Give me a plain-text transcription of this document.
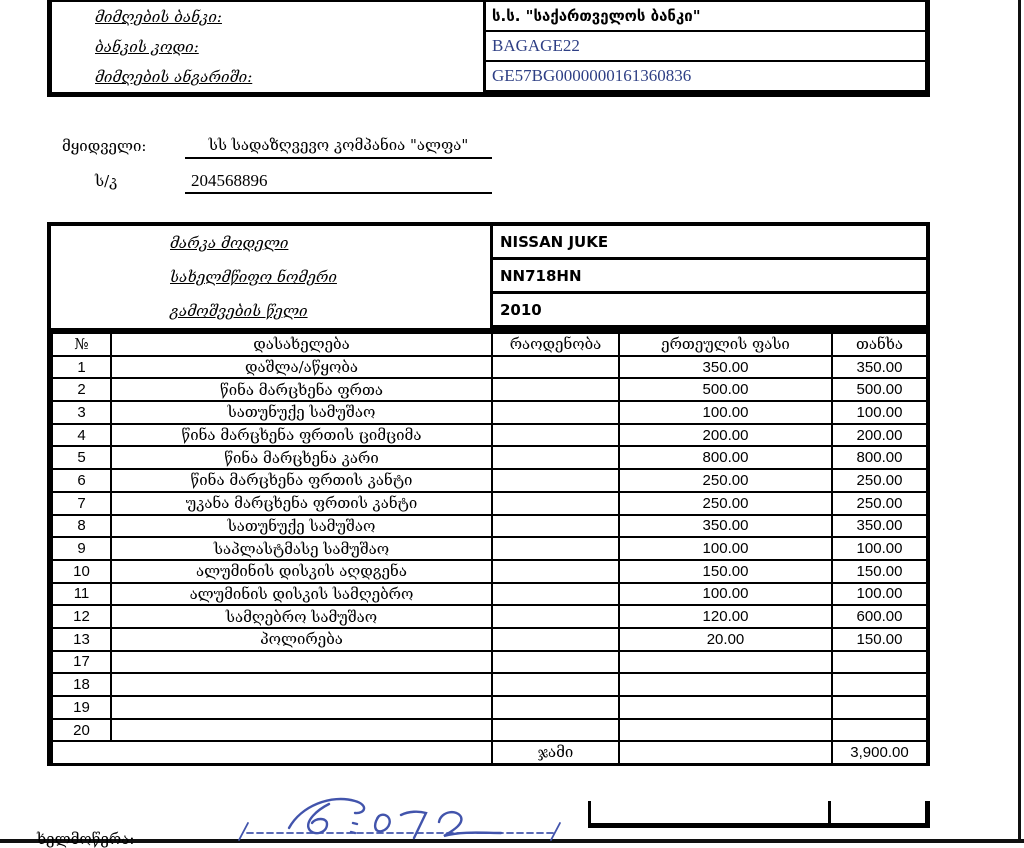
მიმღების ბანკი:	ს.ს. "საქართველოს ბანკი"
ბანკის კოდი:	BAGAGE22
მიმღების ანგარიში:	GE57BG0000000161360836
მყიდველი:	სს სადაზღვევო კომპანია "ალფა"
ს/კ	204568896
მარკა მოდელი	NISSAN JUKE
სახელმწიფო ნომერი	NN718HN
გამოშვების წელი	2010
№	დასახელება	რაოდენობა	ერთეულის ფასი	თანხა
1	დაშლა/აწყობა		350.00	350.00
2	წინა მარცხენა ფრთა		500.00	500.00
3	სათუნუქე სამუშაო		100.00	100.00
4	წინა მარცხენა ფრთის ციმციმა		200.00	200.00
5	წინა მარცხენა კარი		800.00	800.00
6	წინა მარცხენა ფრთის კანტი		250.00	250.00
7	უკანა მარცხენა ფრთის კანტი		250.00	250.00
8	სათუნუქე სამუშაო		350.00	350.00
9	საპლასტმასე სამუშაო		100.00	100.00
10	ალუმინის დისკის აღდგენა		150.00	150.00
11	ალუმინის დისკის სამღებრო		100.00	100.00
12	სამღებრო სამუშაო		120.00	600.00
13	პოლირება		20.00	150.00
17				
18				
19				
20				
		ჯამი		3,900.00
ხელმოწერა:
